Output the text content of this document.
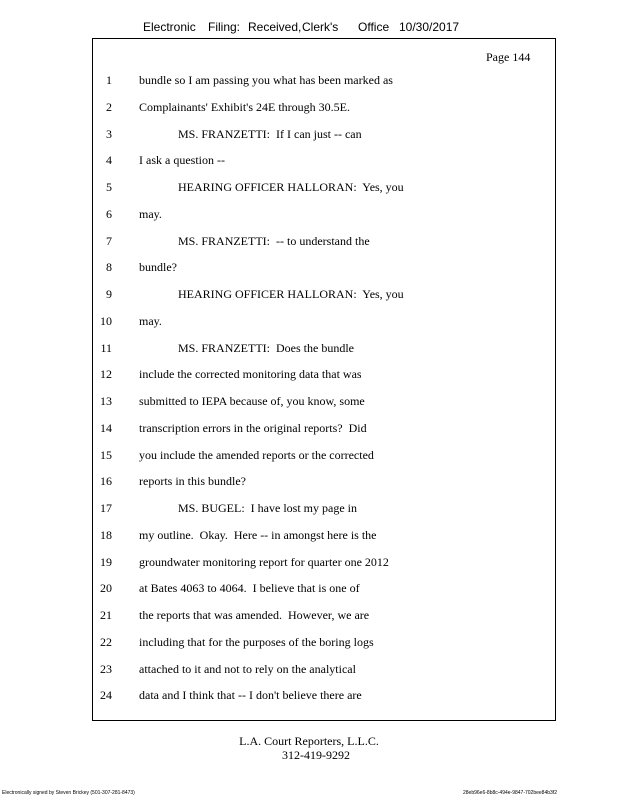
Electronic Filing: Received, Clerk's Office 10/30/2017
Page 144
1 bundle so I am passing you what has been marked as
2 Complainants' Exhibit's 24E through 30.5E.
3	MS. FRANZETTI:  If I can just -- can
4 I ask a question --
5	HEARING OFFICER HALLORAN:  Yes, you
6 may.
7	MS. FRANZETTI:  -- to understand the
8 bundle?
9	HEARING OFFICER HALLORAN:  Yes, you
10 may.
11	MS. FRANZETTI:  Does the bundle
12 include the corrected monitoring data that was
13 submitted to IEPA because of, you know, some
14 transcription errors in the original reports?  Did
15 you include the amended reports or the corrected
16 reports in this bundle?
17	MS. BUGEL:  I have lost my page in
18 my outline.  Okay.  Here -- in amongst here is the
19 groundwater monitoring report for quarter one 2012
20 at Bates 4063 to 4064.  I believe that is one of
21 the reports that was amended.  However, we are
22 including that for the purposes of the boring logs
23 attached to it and not to rely on the analytical
24 data and I think that -- I don't believe there are
L.A. Court Reporters, L.L.C.
312-419-9292
Electronically signed by Steven Brickey (501-307-281-8473)	28eb96e6-8b8c-494e-9847-702bee84b3f2
